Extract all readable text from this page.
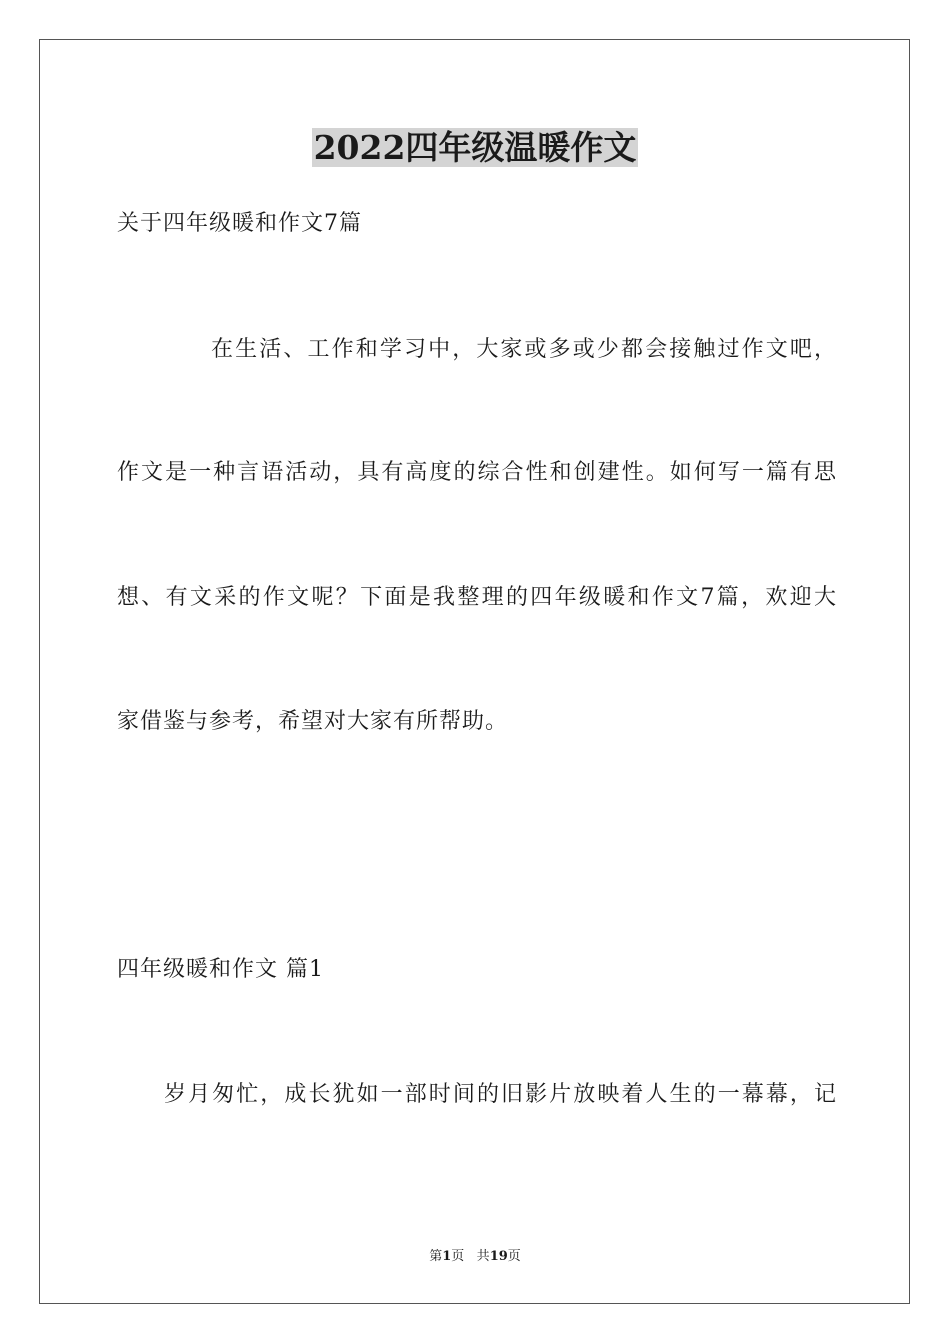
2022四年级温暖作文
关于四年级暖和作文7篇
在生活、工作和学习中，大家或多或少都会接触过作文吧，
作文是一种言语活动，具有高度的综合性和创建性。如何写一篇有思
想、有文采的作文呢？下面是我整理的四年级暖和作文7篇，欢迎大
家借鉴与参考，希望对大家有所帮助。
四年级暖和作文 篇1
岁月匆忙，成长犹如一部时间的旧影片放映着人生的一幕幕，记
第1页 共19页
